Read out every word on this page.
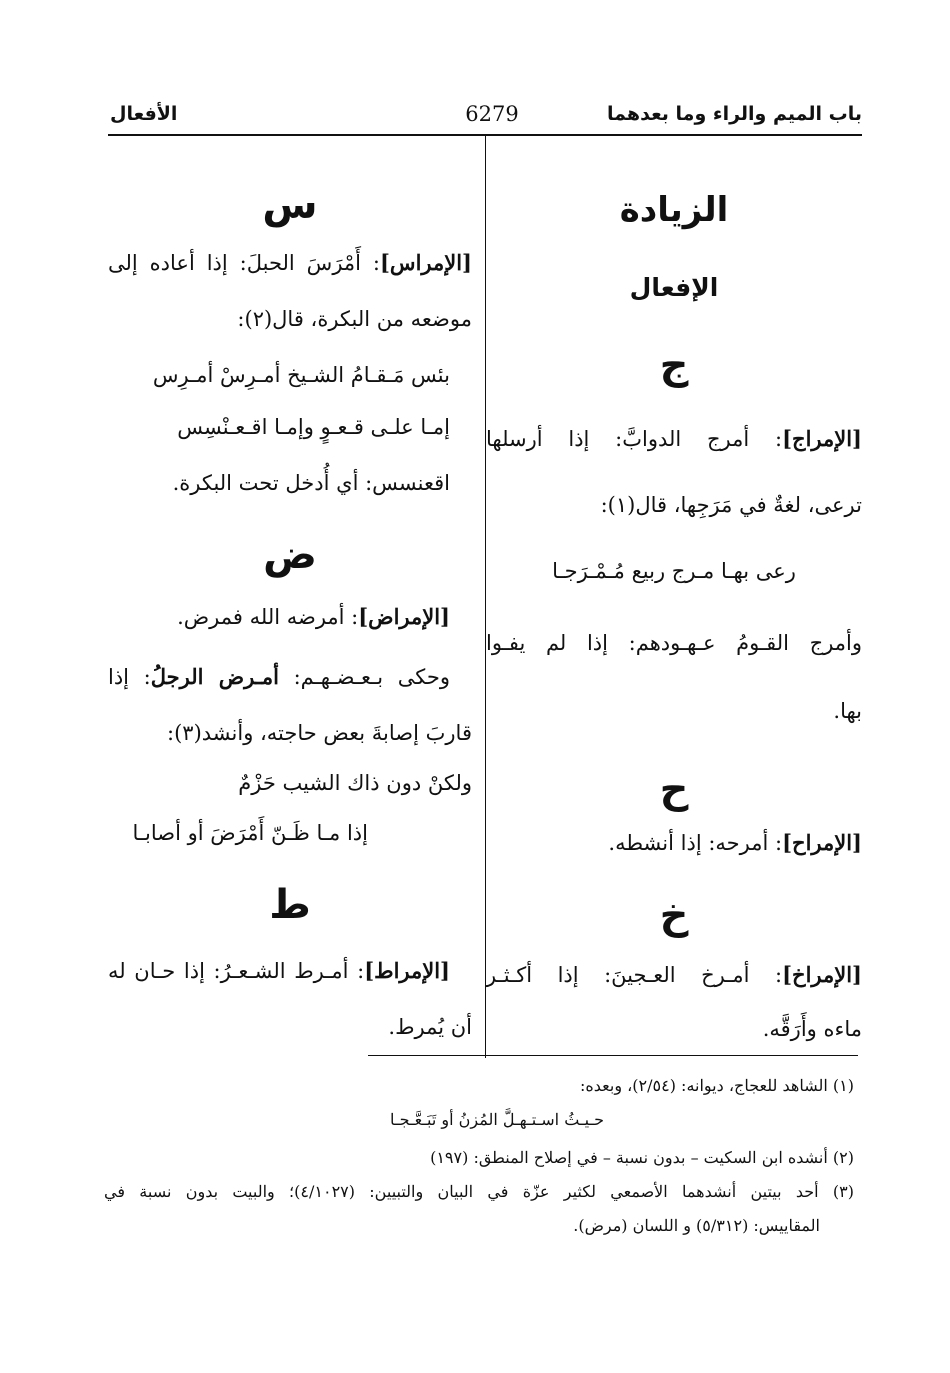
باب الميم والراء وما بعدهما
6279
الأفعال
الزيادة
الإفعال
ج
[الإمراج]: أمرج الدوابَّ: إذا أرسلها
ترعى، لغةٌ في مَرَجِها، قال(١):
رعى بهـا مـرج ربيع مُـمْـرَجـا
وأمرج القـومُ عـهـودهم: إذا لم يفـوا
بها.
ح
[الإمراح]: أمرحه: إذا أنشطه.
خ
[الإمراخ]: أمـرخ العـجينَ: إذا أكـثـر
ماءه وأَرَقَّه.
س
[الإمراس]: أَمْرَسَ الحبلَ: إذا أعاده إلى
موضعه من البكرة، قال(٢):
بئس مَـقـامُ الشـيخ أمـرِسْ أمـرِس
إمـا علـى قـعـوٍ وإمـا اقـعـنْسِس
اقعنسس: أي أُدخل تحت البكرة.
ض
[الإمراض]: أمرضه الله فمرض.
وحكى بـعـضـهـم: أمـرض الرجلُ: إذا
قاربَ إصابةَ بعض حاجته، وأنشد(٣):
ولكنْ دون ذاك الشيب حَزْمٌ
إذا مـا ظَـنّ أَمْرَضَ أو أصابـا
ط
[الإمراط]: أمـرط الشـعـرُ: إذا حـان له
أن يُمرط.
(١) الشاهد للعجاج، ديوانه: (٢/٥٤)، وبعده:
حـيـثُ اسـتـهـلَّ المُزنُ أو تَبَـعَّـجـا
(٢) أنشده ابن السكيت – بدون نسبة – في إصلاح المنطق: (١٩٧)
(٣) أحد بيتين أنشدهما الأصمعي لكثير عزّة في البيان والتبيين: (٤/١٠٢٧)؛ والبيت بدون نسبة في
المقاييس: (٥/٣١٢) و اللسان (مرض).
